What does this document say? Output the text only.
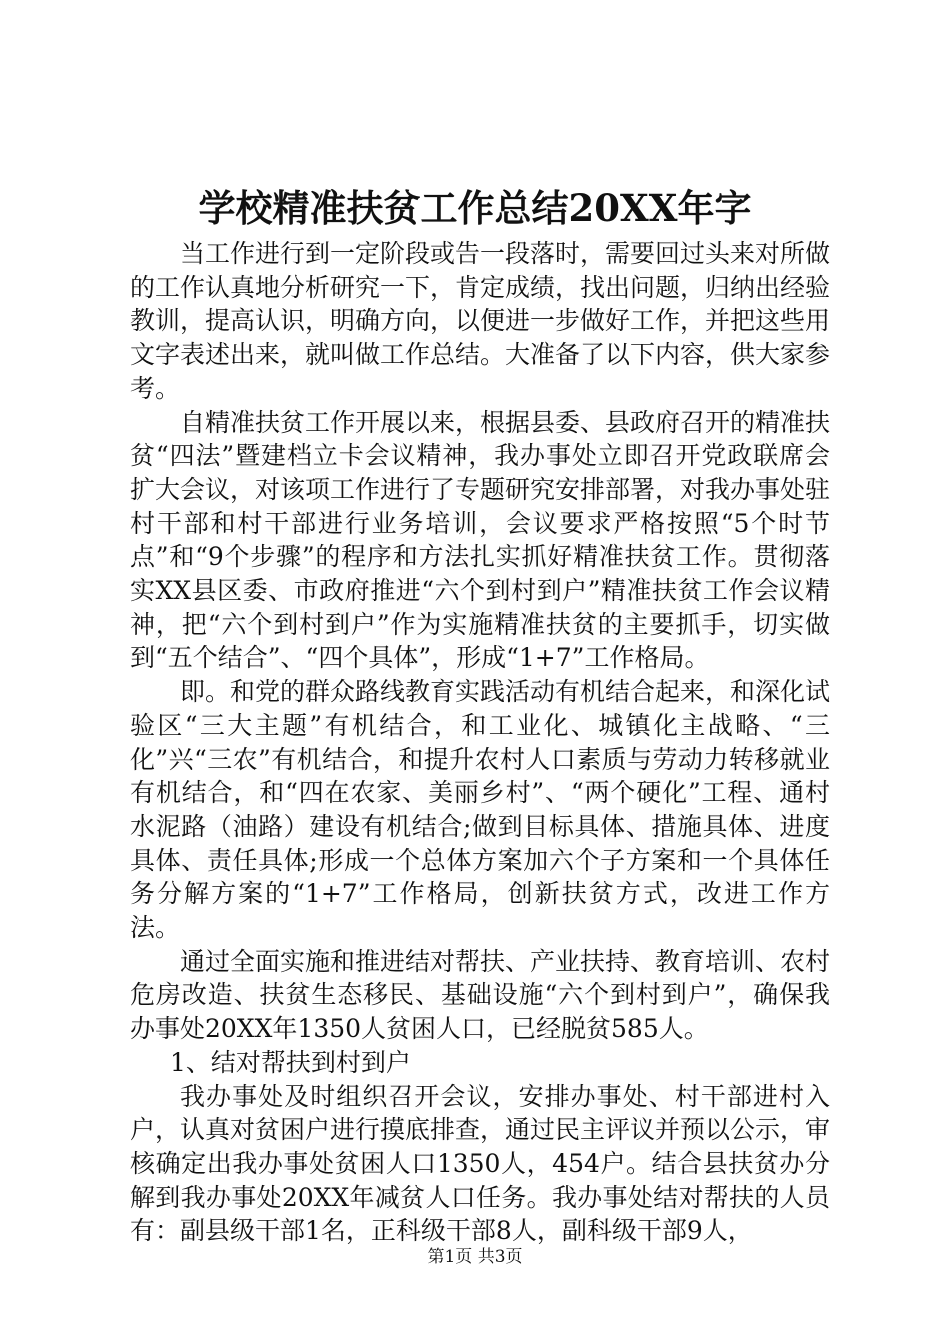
学校精准扶贫工作总结20XX年字

当工作进行到一定阶段或告一段落时，需要回过头来对所做的工作认真地分析研究一下，肯定成绩，找出问题，归纳出经验教训，提高认识，明确方向，以便进一步做好工作，并把这些用文字表述出来，就叫做工作总结。大准备了以下内容，供大家参考。

自精准扶贫工作开展以来，根据县委、县政府召开的精准扶贫“四法”暨建档立卡会议精神，我办事处立即召开党政联席会扩大会议，对该项工作进行了专题研究安排部署，对我办事处驻村干部和村干部进行业务培训，会议要求严格按照“5个时节点”和“9个步骤”的程序和方法扎实抓好精准扶贫工作。贯彻落实XX县区委、市政府推进“六个到村到户”精准扶贫工作会议精神，把“六个到村到户”作为实施精准扶贫的主要抓手，切实做到“五个结合”、“四个具体”，形成“1+7”工作格局。

即。和党的群众路线教育实践活动有机结合起来，和深化试验区“三大主题”有机结合，和工业化、城镇化主战略、“三化”兴“三农”有机结合，和提升农村人口素质与劳动力转移就业有机结合，和“四在农家、美丽乡村”、“两个硬化”工程、通村水泥路（油路）建设有机结合;做到目标具体、措施具体、进度具体、责任具体;形成一个总体方案加六个子方案和一个具体任务分解方案的“1+7”工作格局，创新扶贫方式，改进工作方法。

通过全面实施和推进结对帮扶、产业扶持、教育培训、农村危房改造、扶贫生态移民、基础设施“六个到村到户”，确保我办事处20XX年1350人贫困人口，已经脱贫585人。

1、结对帮扶到村到户

我办事处及时组织召开会议，安排办事处、村干部进村入户，认真对贫困户进行摸底排查，通过民主评议并预以公示，审核确定出我办事处贫困人口1350人，454户。结合县扶贫办分解到我办事处20XX年减贫人口任务。我办事处结对帮扶的人员有：副县级干部1名，正科级干部8人，副科级干部9人，

第1页 共3页
